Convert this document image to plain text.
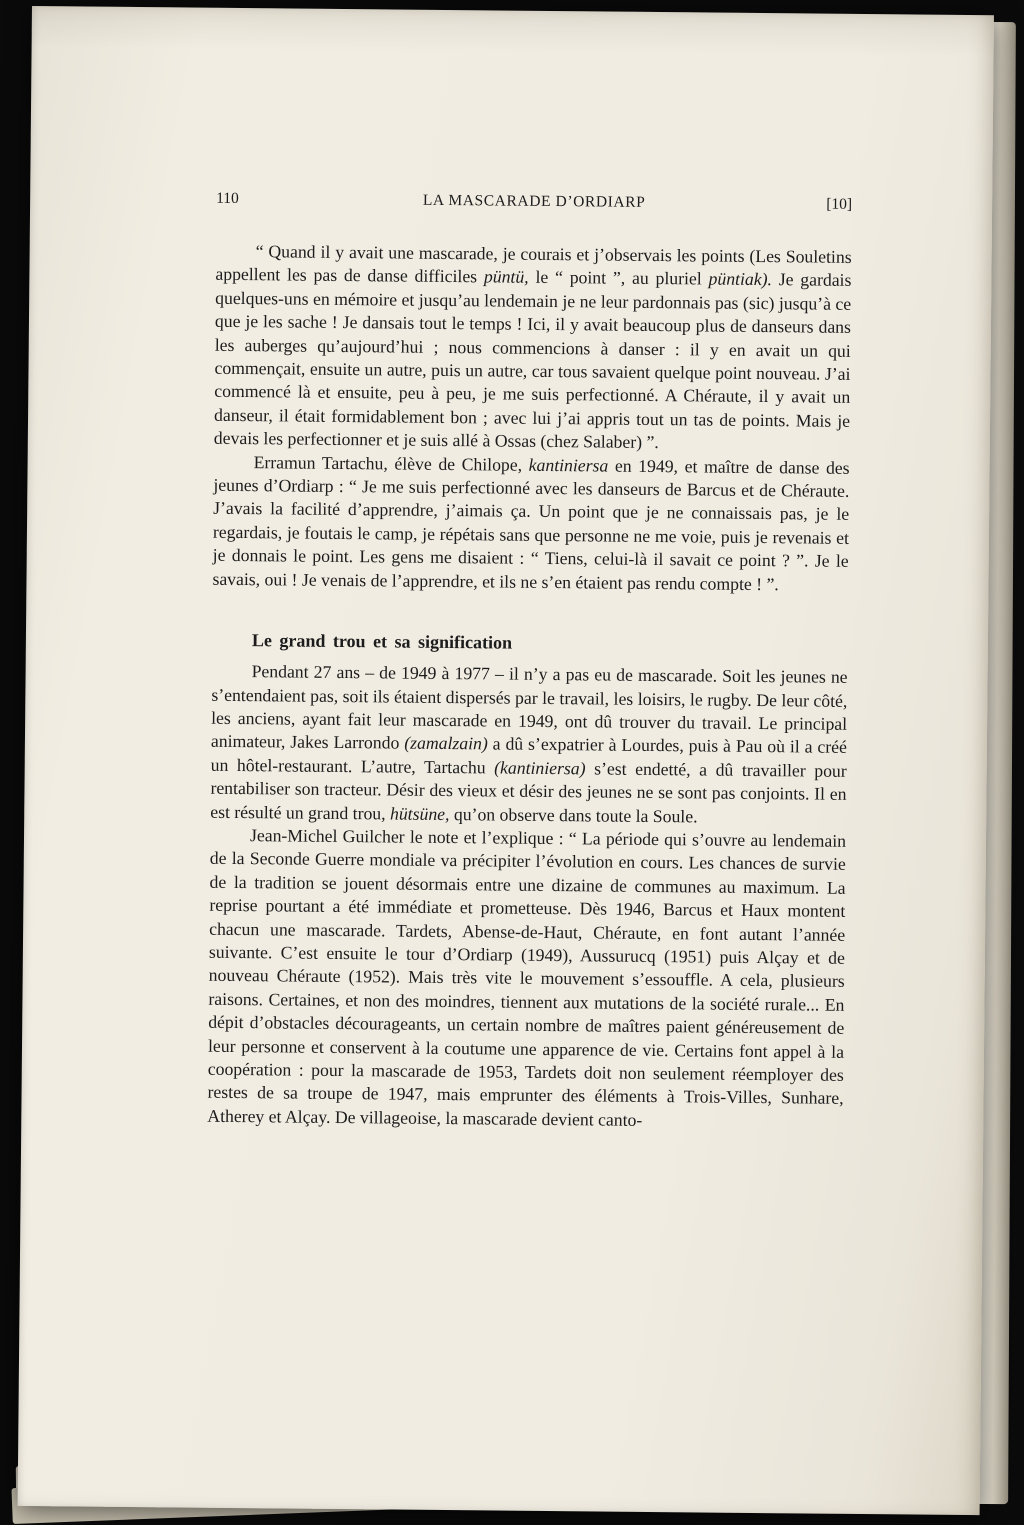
110	LA MASCARADE D’ORDIARP	[10]

“ Quand il y avait une mascarade, je courais et j’observais les points (Les Souletins appellent les pas de danse difficiles püntü, le “ point ”, au pluriel püntiak). Je gardais quelques-uns en mémoire et jusqu’au lendemain je ne leur pardonnais pas (sic) jusqu’à ce que je les sache ! Je dansais tout le temps ! Ici, il y avait beaucoup plus de danseurs dans les auberges qu’aujourd’hui ; nous commencions à danser : il y en avait un qui commençait, ensuite un autre, puis un autre, car tous savaient quelque point nouveau. J’ai commencé là et ensuite, peu à peu, je me suis perfectionné. A Chéraute, il y avait un danseur, il était formidablement bon ; avec lui j’ai appris tout un tas de points. Mais je devais les perfectionner et je suis allé à Ossas (chez Salaber) ”.

Erramun Tartachu, élève de Chilope, kantiniersa en 1949, et maître de danse des jeunes d’Ordiarp : “ Je me suis perfectionné avec les danseurs de Barcus et de Chéraute. J’avais la facilité d’apprendre, j’aimais ça. Un point que je ne connaissais pas, je le regardais, je foutais le camp, je répétais sans que personne ne me voie, puis je revenais et je donnais le point. Les gens me disaient : “ Tiens, celui-là il savait ce point ? ”. Je le savais, oui ! Je venais de l’apprendre, et ils ne s’en étaient pas rendu compte ! ”.

Le grand trou et sa signification

Pendant 27 ans – de 1949 à 1977 – il n’y a pas eu de mascarade. Soit les jeunes ne s’entendaient pas, soit ils étaient dispersés par le travail, les loisirs, le rugby. De leur côté, les anciens, ayant fait leur mascarade en 1949, ont dû trouver du travail. Le principal animateur, Jakes Larrondo (zamalzain) a dû s’expatrier à Lourdes, puis à Pau où il a créé un hôtel-restaurant. L’autre, Tartachu (kantiniersa) s’est endetté, a dû travailler pour rentabiliser son tracteur. Désir des vieux et désir des jeunes ne se sont pas conjoints. Il en est résulté un grand trou, hütsüne, qu’on observe dans toute la Soule.

Jean-Michel Guilcher le note et l’explique : “ La période qui s’ouvre au lendemain de la Seconde Guerre mondiale va précipiter l’évolution en cours. Les chances de survie de la tradition se jouent désormais entre une dizaine de communes au maximum. La reprise pourtant a été immédiate et prometteuse. Dès 1946, Barcus et Haux montent chacun une mascarade. Tardets, Abense-de-Haut, Chéraute, en font autant l’année suivante. C’est ensuite le tour d’Ordiarp (1949), Aussurucq (1951) puis Alçay et de nouveau Chéraute (1952). Mais très vite le mouvement s’essouffle. A cela, plusieurs raisons. Certaines, et non des moindres, tiennent aux mutations de la société rurale... En dépit d’obstacles décourageants, un certain nombre de maîtres paient généreusement de leur personne et conservent à la coutume une apparence de vie. Certains font appel à la coopération : pour la mascarade de 1953, Tardets doit non seulement réemployer des restes de sa troupe de 1947, mais emprunter des éléments à Trois-Villes, Sunhare, Atherey et Alçay. De villageoise, la mascarade devient canto-
